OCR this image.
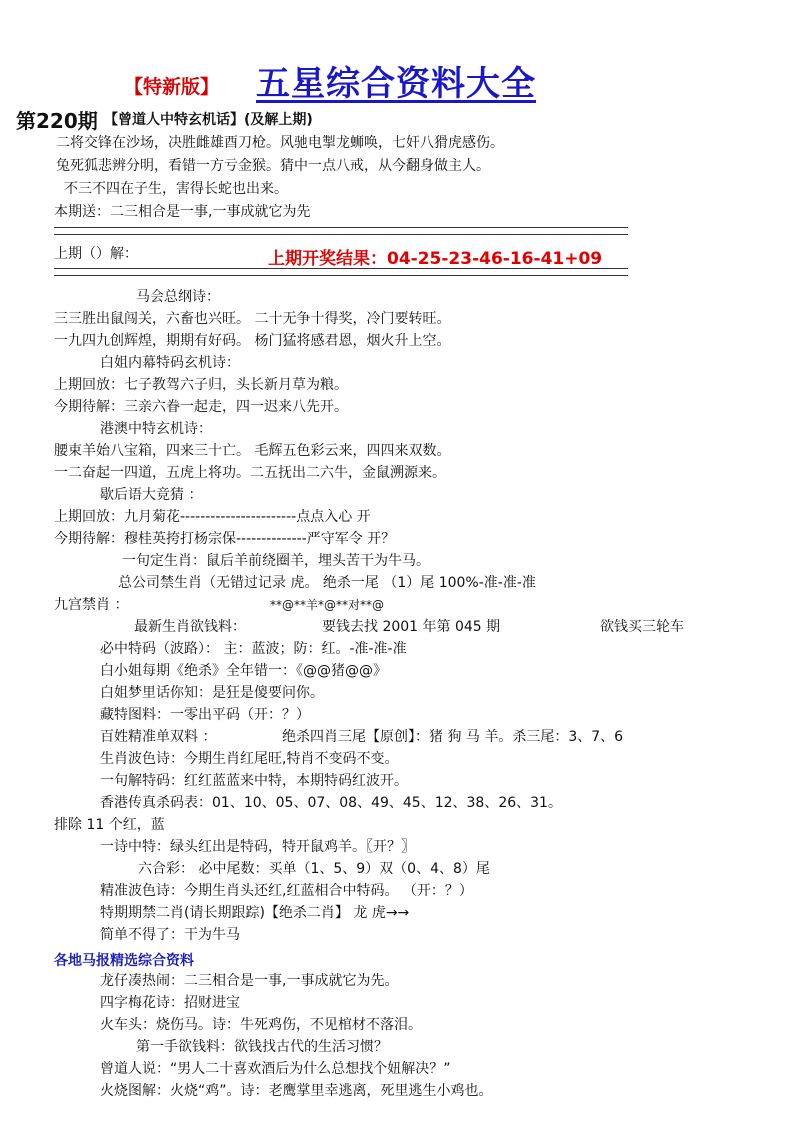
【特新版】 五星综合资料大全
第220期 【曾道人中特玄机话】(及解上期)
二将交锋在沙场，决胜雌雄酉刀枪。风驰电掣龙蛳唤，七奸八猾虎感伤。
兔死狐悲辨分明，看错一方亏金猴。猜中一点八戒，从今翻身做主人。
不三不四在子生，害得长蛇也出来。
本期送：二三相合是一事,一事成就它为先
上期（）解：	上期开奖结果：04-25-23-46-16-41+09
马会总纲诗：
三三胜出鼠闯关，六畜也兴旺。 二十无争十得奖，冷门要转旺。
一九四九创辉煌，期期有好码。 杨门猛将感君恩，烟火升上空。
白姐内幕特码玄机诗：
上期回放：七子教驾六子归，头长新月草为粮。
今期待解：三亲六眷一起走，四一迟来八先开。
港澳中特玄机诗：
腰束羊始八宝箱，四来三十亡。 毛辉五色彩云来，四四来双数。
一二奋起一四道，五虎上将功。二五抚出二六牛，金鼠溯源来。
歇后语大竞猜 ：
上期回放：九月菊花-----------------------点点入心 开
今期待解：穆桂英挎打杨宗保--------------严守军令 开？
一句定生肖：鼠后羊前绕圈羊，埋头苦干为牛马。
总公司禁生肖（无错过记录 虎。 绝杀一尾 （1）尾 100%-准-准-准
九宫禁肖 ：	**@**羊*@**对**@
最新生肖欲钱料：	要钱去找 2001 年第 045 期	欲钱买三轮车
必中特码（波路）： 主：蓝波；防：红。-准-准-准
白小姐每期《绝杀》全年错一：《@@猪@@》
白姐梦里话你知：是狂是傻要问你。
藏特图料：一零出平码（开：？）
百姓精准单双料 ：	绝杀四肖三尾【原创】：猪 狗 马 羊。杀三尾：3、7、6
生肖波色诗：今期生肖红尾旺,特肖不变码不变。
一句解特码：红红蓝蓝来中特，本期特码红波开。
香港传真杀码表：01、10、05、07、08、49、45、12、38、26、31。
排除 11 个红，蓝
一诗中特：绿头红出是特码，特开鼠鸡羊。〖开？〗
六合彩： 必中尾数：买单（1、5、9）双（0、4、8）尾
精准波色诗：今期生肖头还红,红蓝相合中特码。 （开：？）
特期期禁二肖(请长期跟踪)【绝杀二肖】 龙 虎→→
简单不得了：干为牛马
各地马报精选综合资料
龙仔凑热闹：二三相合是一事,一事成就它为先。
四字梅花诗：招财进宝
火车头：烧伤马。诗：牛死鸡伤，不见棺材不落泪。
第一手欲钱料：欲钱找古代的生活习惯？
曾道人说：“男人二十喜欢酒后为什么总想找个妞解决？”
火烧图解：火烧“鸡”。诗：老鹰掌里幸逃离，死里逃生小鸡也。
